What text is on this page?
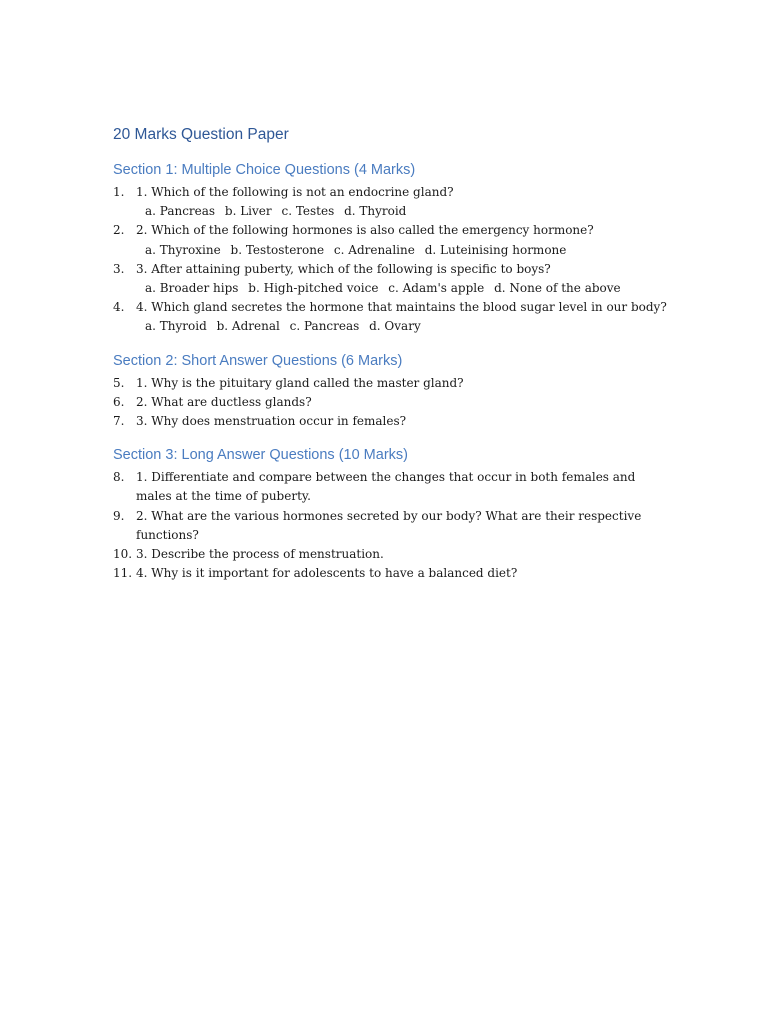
20 Marks Question Paper
Section 1: Multiple Choice Questions (4 Marks)
1. 1. Which of the following is not an endocrine gland?
a. Pancreas b. Liver c. Testes d. Thyroid
2. 2. Which of the following hormones is also called the emergency hormone?
a. Thyroxine b. Testosterone c. Adrenaline d. Luteinising hormone
3. 3. After attaining puberty, which of the following is specific to boys?
a. Broader hips b. High-pitched voice c. Adam's apple d. None of the above
4. 4. Which gland secretes the hormone that maintains the blood sugar level in our body?
a. Thyroid b. Adrenal c. Pancreas d. Ovary
Section 2: Short Answer Questions (6 Marks)
5. 1. Why is the pituitary gland called the master gland?
6. 2. What are ductless glands?
7. 3. Why does menstruation occur in females?
Section 3: Long Answer Questions (10 Marks)
8. 1. Differentiate and compare between the changes that occur in both females and males at the time of puberty.
9. 2. What are the various hormones secreted by our body? What are their respective functions?
10. 3. Describe the process of menstruation.
11. 4. Why is it important for adolescents to have a balanced diet?
